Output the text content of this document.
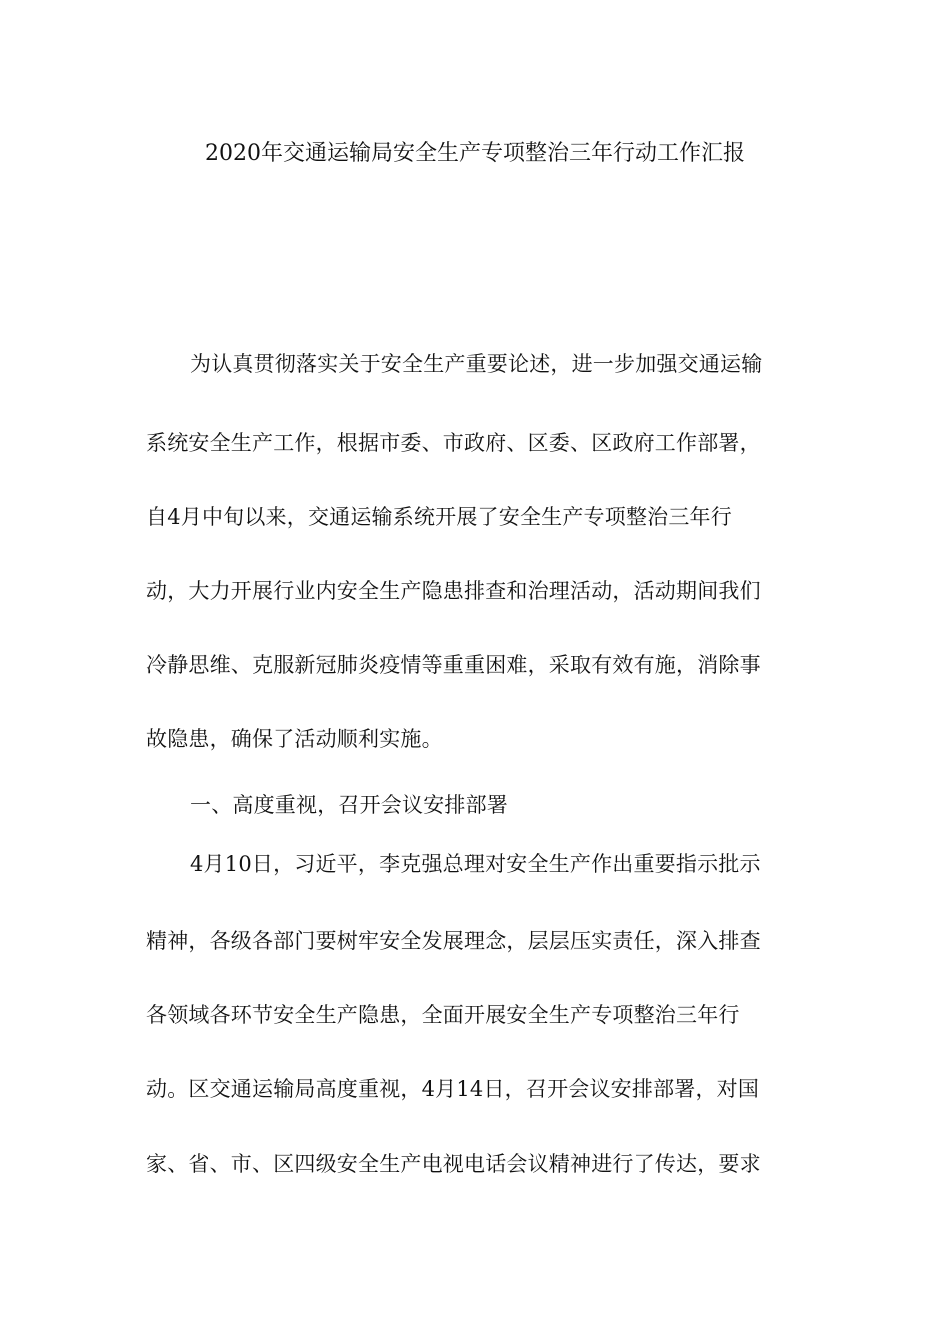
2020年交通运输局安全生产专项整治三年行动工作汇报
为认真贯彻落实关于安全生产重要论述，进一步加强交通运输
系统安全生产工作，根据市委、市政府、区委、区政府工作部署，
自4月中旬以来，交通运输系统开展了安全生产专项整治三年行
动，大力开展行业内安全生产隐患排查和治理活动，活动期间我们
冷静思维、克服新冠肺炎疫情等重重困难，采取有效有施，消除事
故隐患，确保了活动顺利实施。
一、高度重视，召开会议安排部署
4月10日，习近平，李克强总理对安全生产作出重要指示批示
精神，各级各部门要树牢安全发展理念，层层压实责任，深入排查
各领域各环节安全生产隐患，全面开展安全生产专项整治三年行
动。区交通运输局高度重视，4月14日，召开会议安排部署，对国
家、省、市、区四级安全生产电视电话会议精神进行了传达，要求
